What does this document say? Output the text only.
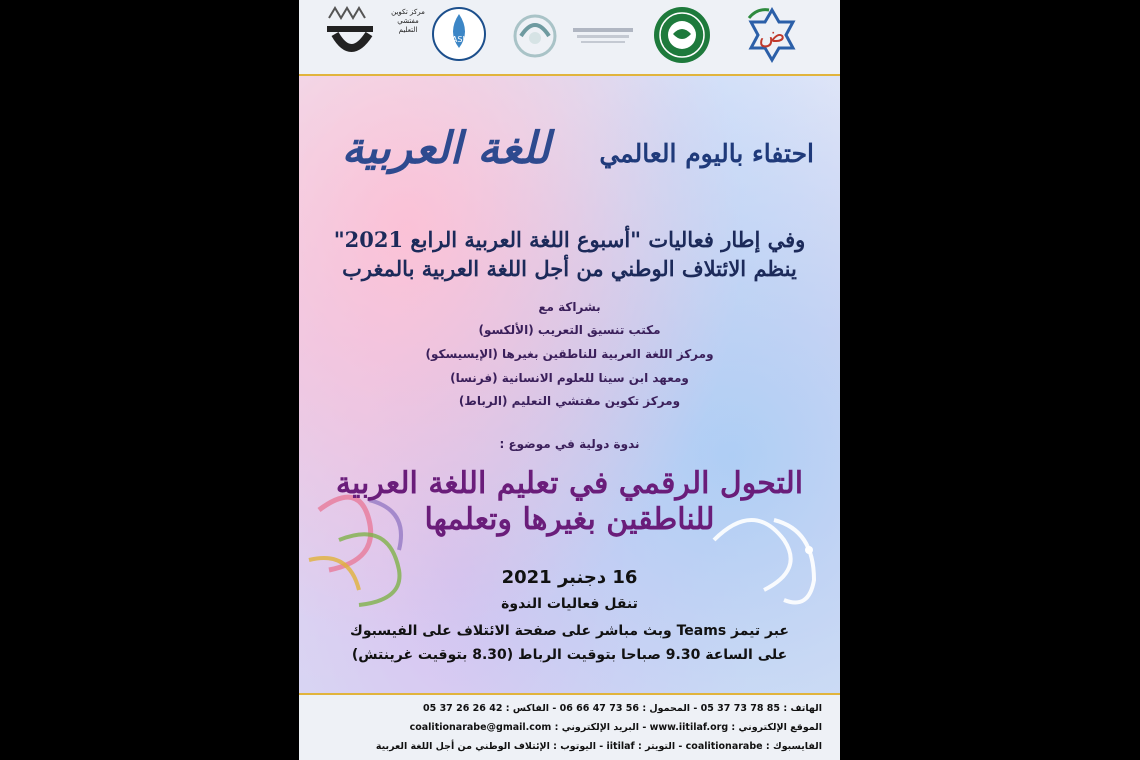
ض
IASH
مركز تكوين مفتشي التعليم
احتفاء باليوم العالمي
للغة العربية
وفي إطار فعاليات "أسبوع اللغة العربية الرابع 2021"
ينظم الائتلاف الوطني من أجل اللغة العربية بالمغرب
بشراكة مع
مكتب تنسيق التعريب (الألكسو)
ومركز اللغة العربية للناطقين بغيرها (الإيسيسكو)
ومعهد ابن سينا للعلوم الانسانية (فرنسا)
ومركز تكوين مفتشي التعليم (الرباط)
ندوة دولية في موضوع :
التحول الرقمي في تعليم اللغة العربية
للناطقين بغيرها وتعلمها
16 دجنبر 2021
تنقل فعاليات الندوة
عبر تيمز Teams وبث مباشر على صفحة الائتلاف على الفيسبوك
على الساعة 9.30 صباحا بتوقيت الرباط (8.30 بتوقيت غرينتش)
الهاتف : 85 78 73 37 05 - المحمول : 56 73 47 66 06 - الفاكس : 42 26 26 37 05
الموقع الإلكتروني : www.iitilaf.org - البريد الإلكتروني : coalitionarabe@gmail.com
الفايسبوك : coalitionarabe - التويتر : iitilaf - اليوتوب : الإئتلاف الوطني من أجل اللغة العربية
